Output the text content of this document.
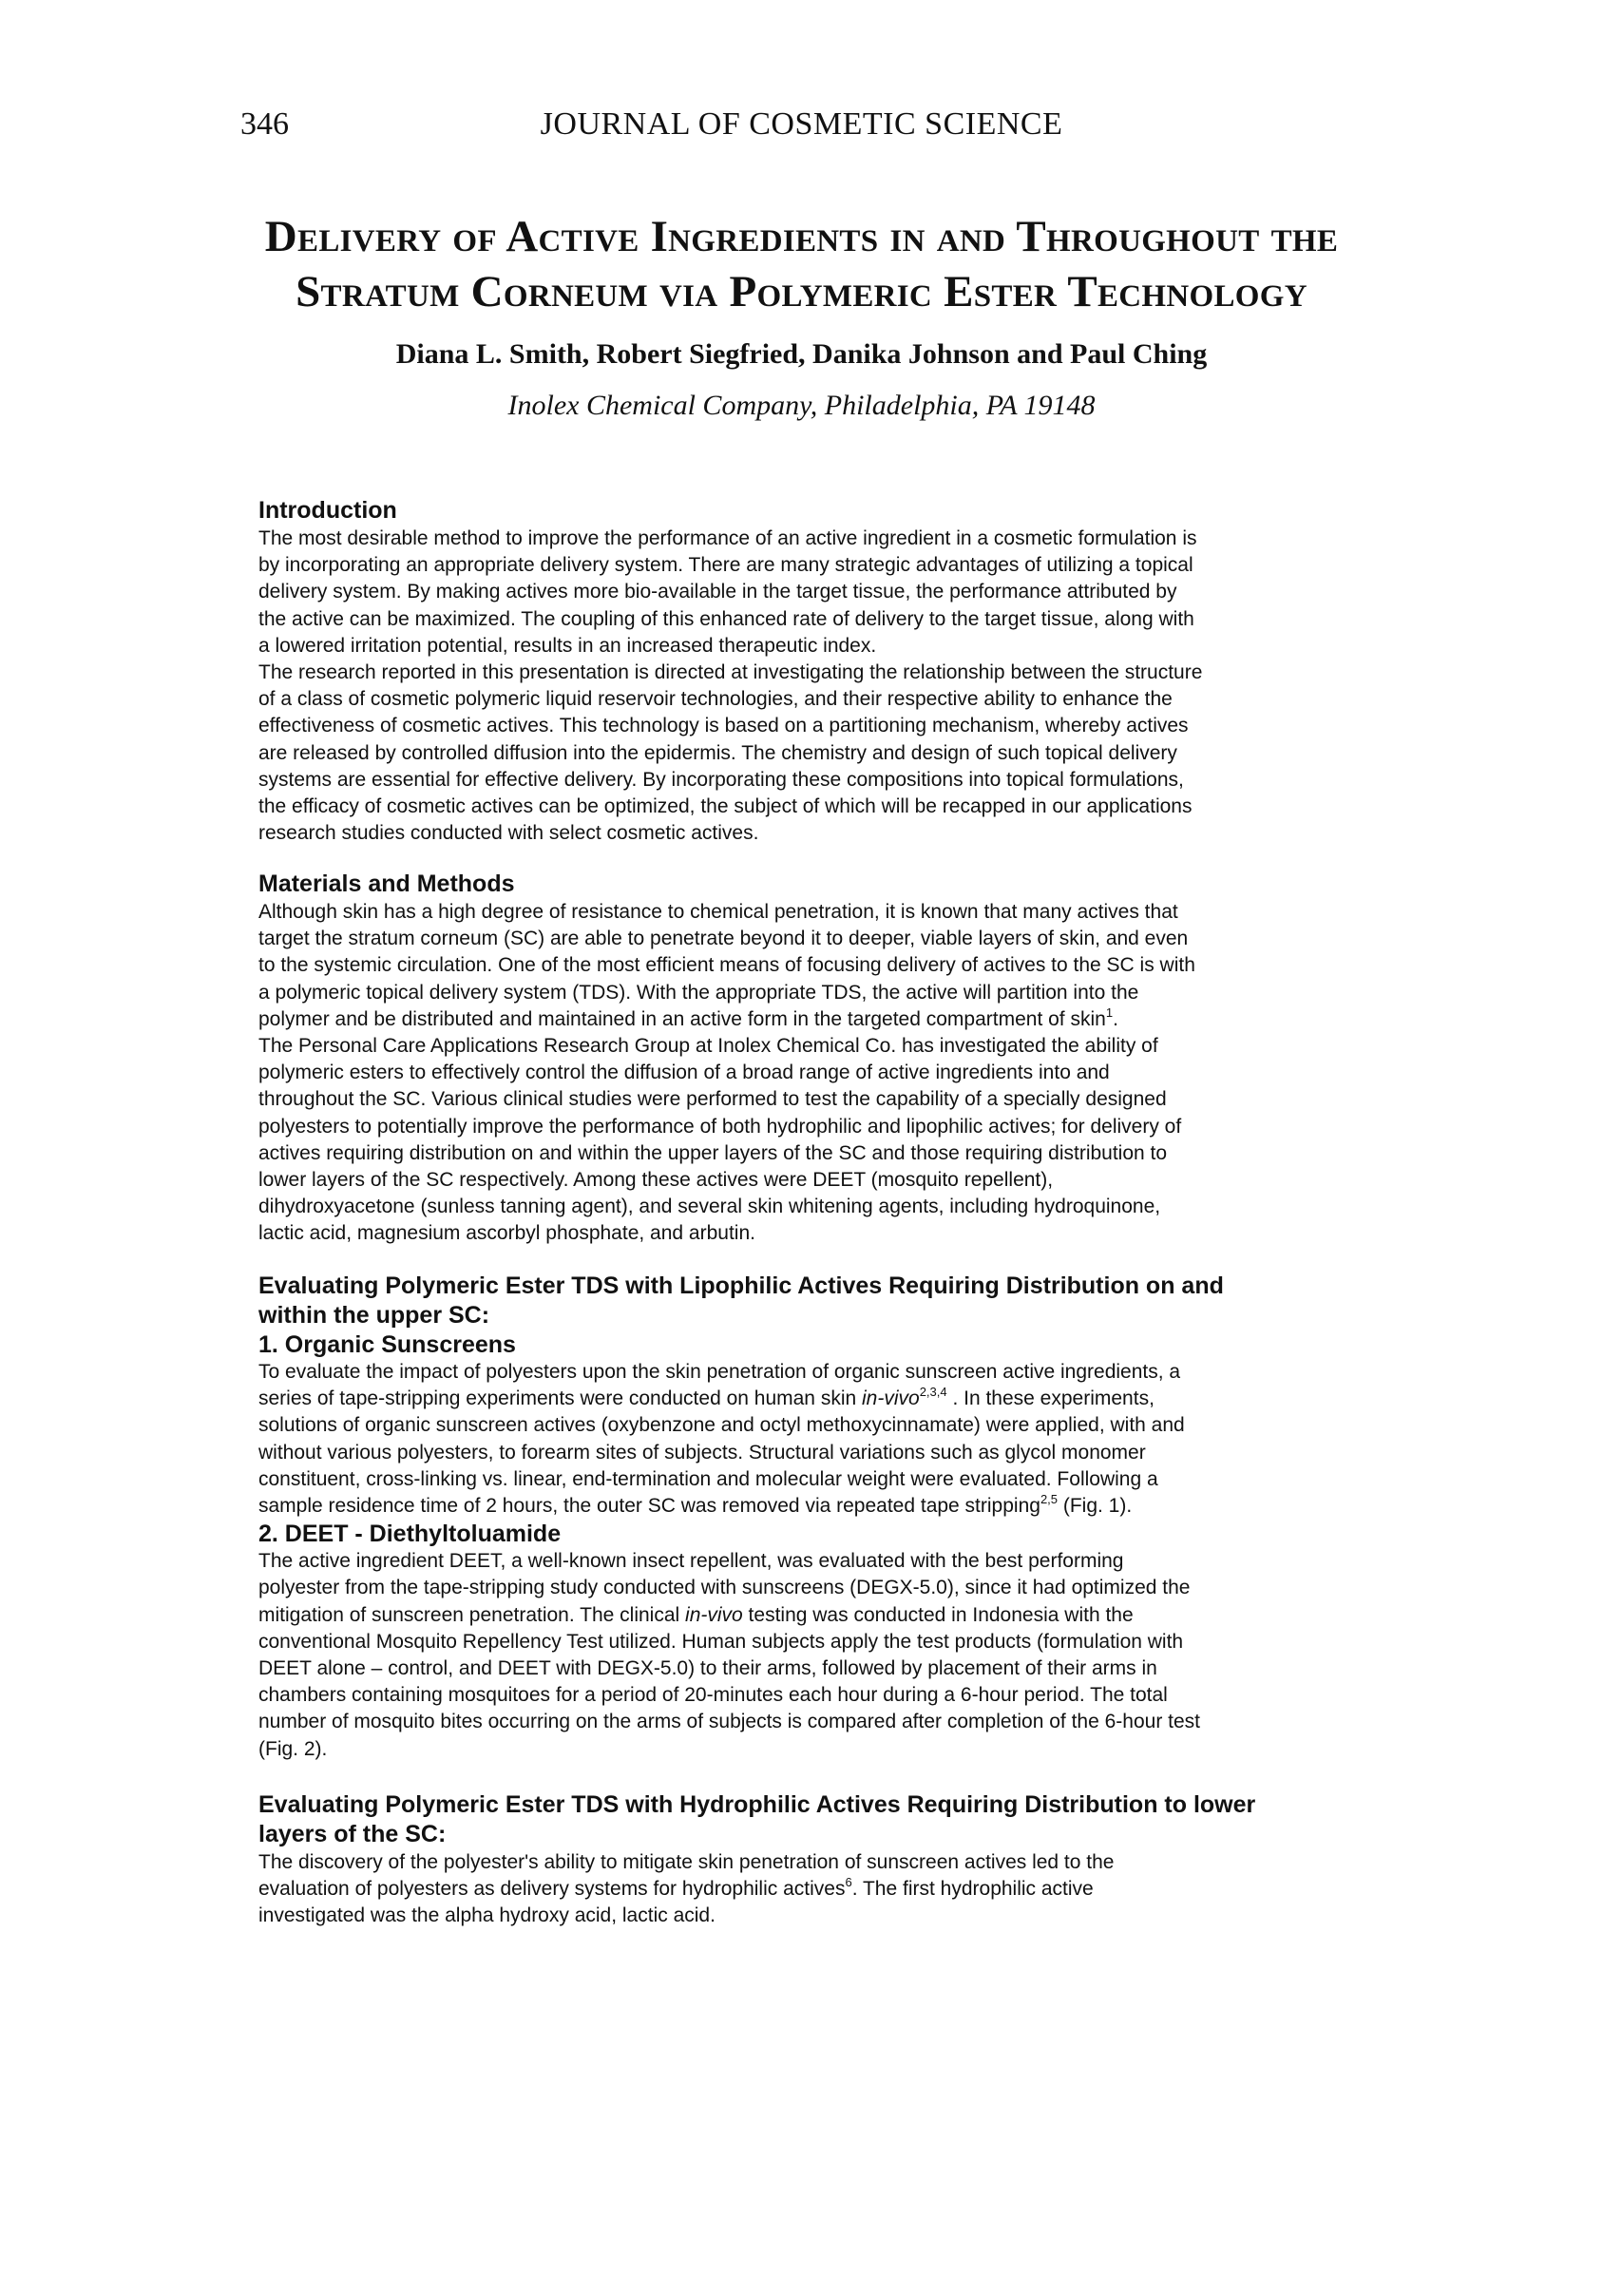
346	JOURNAL OF COSMETIC SCIENCE
Delivery of Active Ingredients in and Throughout the
Stratum Corneum via Polymeric Ester Technology
Diana L. Smith, Robert Siegfried, Danika Johnson and Paul Ching
Inolex Chemical Company, Philadelphia, PA 19148
Introduction
The most desirable method to improve the performance of an active ingredient in a cosmetic formulation is
by incorporating an appropriate delivery system. There are many strategic advantages of utilizing a topical
delivery system. By making actives more bio-available in the target tissue, the performance attributed by
the active can be maximized. The coupling of this enhanced rate of delivery to the target tissue, along with
a lowered irritation potential, results in an increased therapeutic index.
The research reported in this presentation is directed at investigating the relationship between the structure
of a class of cosmetic polymeric liquid reservoir technologies, and their respective ability to enhance the
effectiveness of cosmetic actives. This technology is based on a partitioning mechanism, whereby actives
are released by controlled diffusion into the epidermis. The chemistry and design of such topical delivery
systems are essential for effective delivery. By incorporating these compositions into topical formulations,
the efficacy of cosmetic actives can be optimized, the subject of which will be recapped in our applications
research studies conducted with select cosmetic actives.
Materials and Methods
Although skin has a high degree of resistance to chemical penetration, it is known that many actives that
target the stratum corneum (SC) are able to penetrate beyond it to deeper, viable layers of skin, and even
to the systemic circulation. One of the most efficient means of focusing delivery of actives to the SC is with
a polymeric topical delivery system (TDS). With the appropriate TDS, the active will partition into the
polymer and be distributed and maintained in an active form in the targeted compartment of skin$^1$.
The Personal Care Applications Research Group at Inolex Chemical Co. has investigated the ability of
polymeric esters to effectively control the diffusion of a broad range of active ingredients into and
throughout the SC. Various clinical studies were performed to test the capability of a specially designed
polyesters to potentially improve the performance of both hydrophilic and lipophilic actives; for delivery of
actives requiring distribution on and within the upper layers of the SC and those requiring distribution to
lower layers of the SC respectively. Among these actives were DEET (mosquito repellent),
dihydroxyacetone (sunless tanning agent), and several skin whitening agents, including hydroquinone,
lactic acid, magnesium ascorbyl phosphate, and arbutin.
Evaluating Polymeric Ester TDS with Lipophilic Actives Requiring Distribution on and
within the upper SC:
1. Organic Sunscreens
To evaluate the impact of polyesters upon the skin penetration of organic sunscreen active ingredients, a
series of tape-stripping experiments were conducted on human skin in-vivo$^{2,3,4}$ . In these experiments,
solutions of organic sunscreen actives (oxybenzone and octyl methoxycinnamate) were applied, with and
without various polyesters, to forearm sites of subjects. Structural variations such as glycol monomer
constituent, cross-linking vs. linear, end-termination and molecular weight were evaluated. Following a
sample residence time of 2 hours, the outer SC was removed via repeated tape stripping$^{2,5}$ (Fig. 1).
2. DEET - Diethyltoluamide
The active ingredient DEET, a well-known insect repellent, was evaluated with the best performing
polyester from the tape-stripping study conducted with sunscreens (DEGX-5.0), since it had optimized the
mitigation of sunscreen penetration. The clinical in-vivo testing was conducted in Indonesia with the
conventional Mosquito Repellency Test utilized. Human subjects apply the test products (formulation with
DEET alone – control, and DEET with DEGX-5.0) to their arms, followed by placement of their arms in
chambers containing mosquitoes for a period of 20-minutes each hour during a 6-hour period. The total
number of mosquito bites occurring on the arms of subjects is compared after completion of the 6-hour test
(Fig. 2).
Evaluating Polymeric Ester TDS with Hydrophilic Actives Requiring Distribution to lower
layers of the SC:
The discovery of the polyester's ability to mitigate skin penetration of sunscreen actives led to the
evaluation of polyesters as delivery systems for hydrophilic actives$^6$. The first hydrophilic active
investigated was the alpha hydroxy acid, lactic acid.
